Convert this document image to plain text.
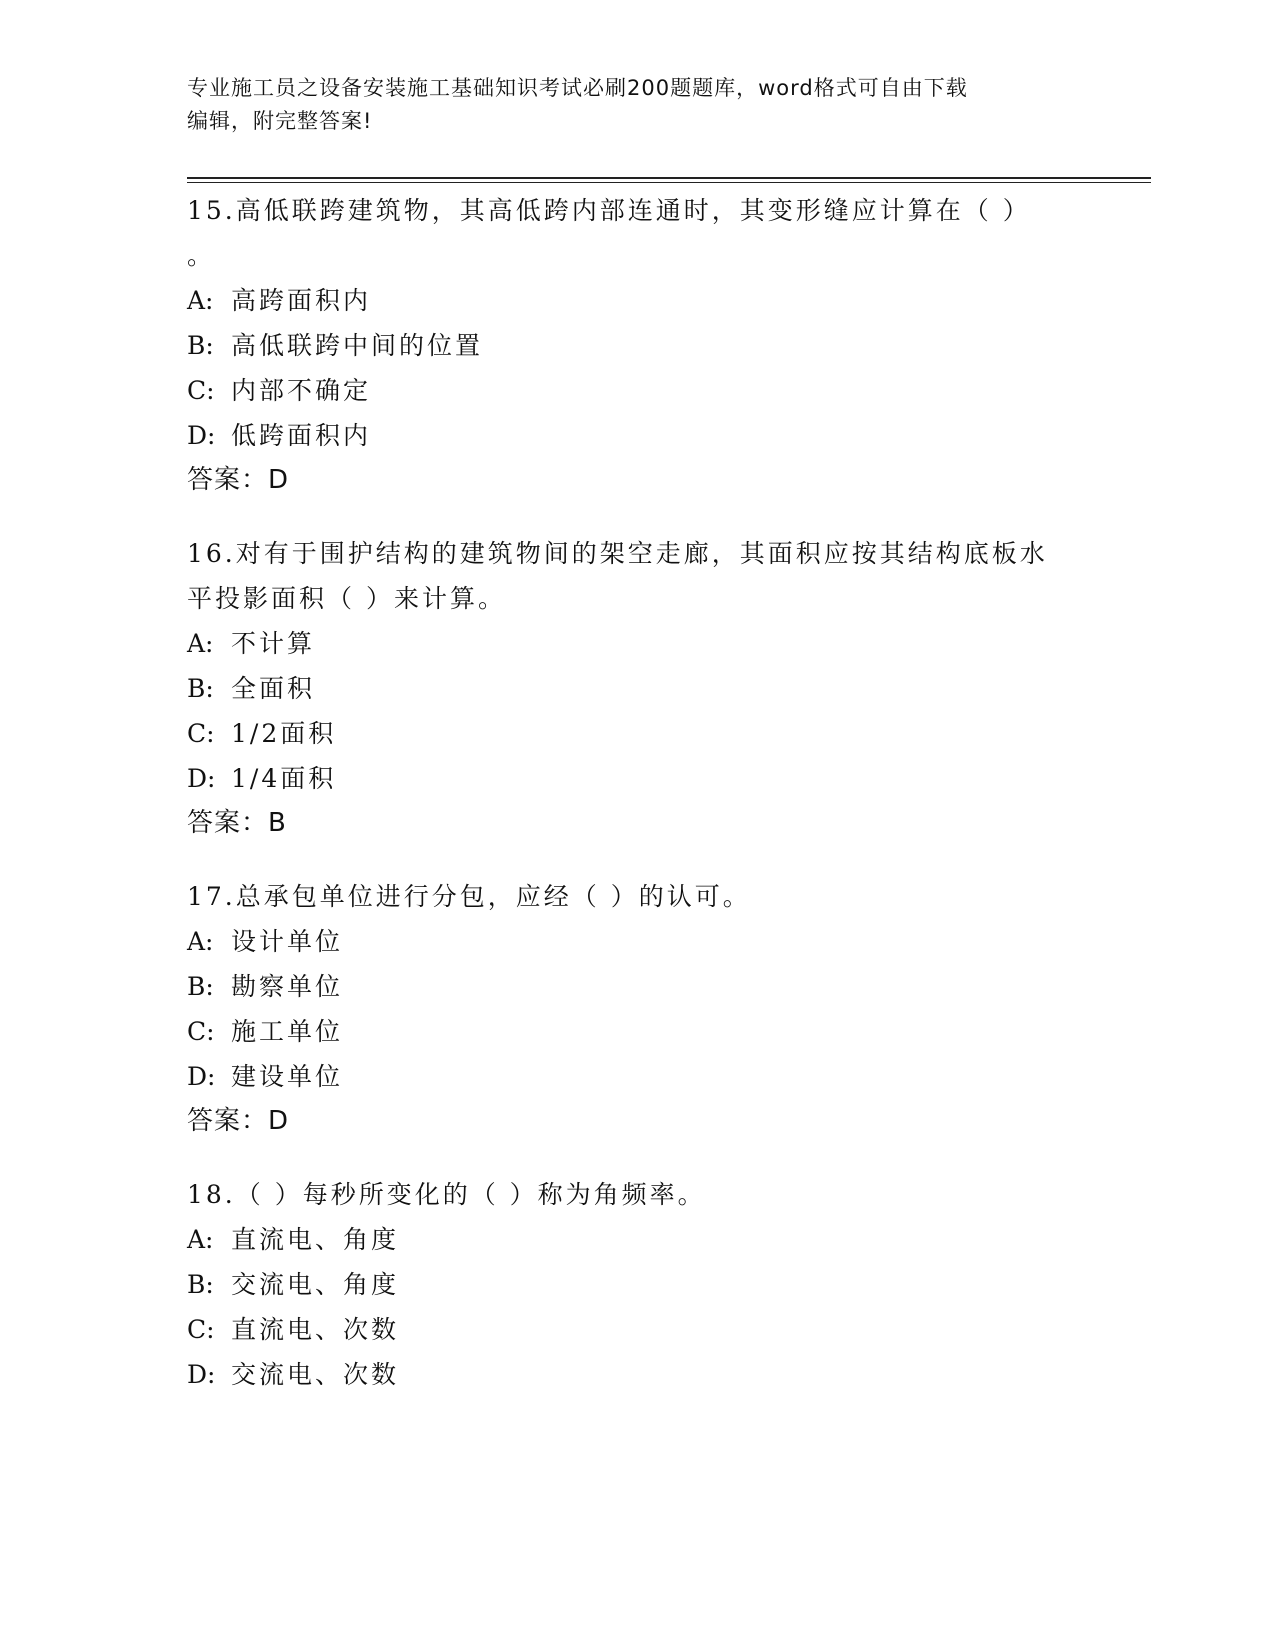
专业施工员之设备安装施工基础知识考试必刷200题题库，word格式可自由下载
编辑，附完整答案!
15.高低联跨建筑物，其高低跨内部连通时，其变形缝应计算在（ ）
。
A: 高跨面积内
B: 高低联跨中间的位置
C: 内部不确定
D: 低跨面积内
答案：D
16.对有于围护结构的建筑物间的架空走廊，其面积应按其结构底板水
平投影面积（ ）来计算。
A: 不计算
B: 全面积
C: 1/2面积
D: 1/4面积
答案：B
17.总承包单位进行分包，应经（ ）的认可。
A: 设计单位
B: 勘察单位
C: 施工单位
D: 建设单位
答案：D
18.（ ）每秒所变化的（ ）称为角频率。
A: 直流电、角度
B: 交流电、角度
C: 直流电、次数
D: 交流电、次数
